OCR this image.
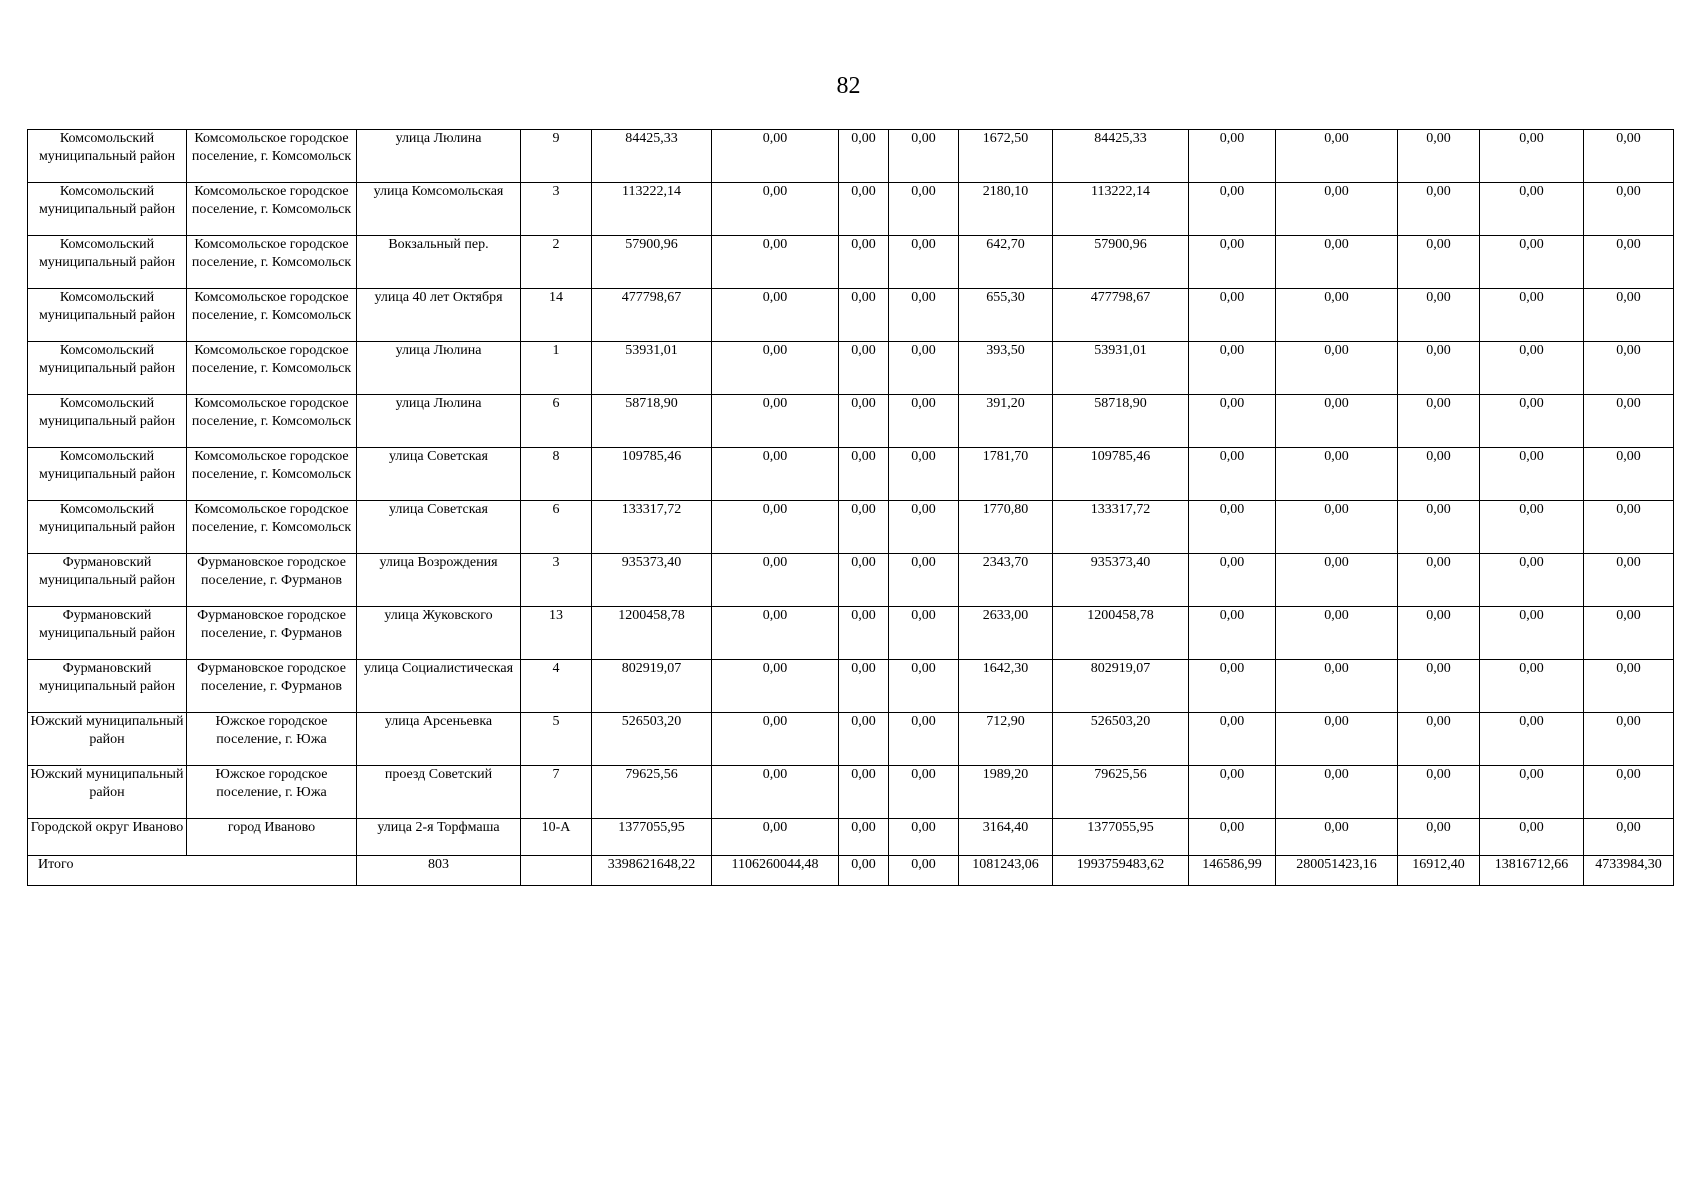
82
Комсомольский муниципальный район	Комсомольское городское поселение, г. Комсомольск	улица Люлина	9	84425,33	0,00	0,00	0,00	1672,50	84425,33	0,00	0,00	0,00	0,00	0,00
Комсомольский муниципальный район	Комсомольское городское поселение, г. Комсомольск	улица Комсомольская	3	113222,14	0,00	0,00	0,00	2180,10	113222,14	0,00	0,00	0,00	0,00	0,00
Комсомольский муниципальный район	Комсомольское городское поселение, г. Комсомольск	Вокзальный пер.	2	57900,96	0,00	0,00	0,00	642,70	57900,96	0,00	0,00	0,00	0,00	0,00
Комсомольский муниципальный район	Комсомольское городское поселение, г. Комсомольск	улица 40 лет Октября	14	477798,67	0,00	0,00	0,00	655,30	477798,67	0,00	0,00	0,00	0,00	0,00
Комсомольский муниципальный район	Комсомольское городское поселение, г. Комсомольск	улица Люлина	1	53931,01	0,00	0,00	0,00	393,50	53931,01	0,00	0,00	0,00	0,00	0,00
Комсомольский муниципальный район	Комсомольское городское поселение, г. Комсомольск	улица Люлина	6	58718,90	0,00	0,00	0,00	391,20	58718,90	0,00	0,00	0,00	0,00	0,00
Комсомольский муниципальный район	Комсомольское городское поселение, г. Комсомольск	улица Советская	8	109785,46	0,00	0,00	0,00	1781,70	109785,46	0,00	0,00	0,00	0,00	0,00
Комсомольский муниципальный район	Комсомольское городское поселение, г. Комсомольск	улица Советская	6	133317,72	0,00	0,00	0,00	1770,80	133317,72	0,00	0,00	0,00	0,00	0,00
Фурмановский муниципальный район	Фурмановское городское поселение, г. Фурманов	улица Возрождения	3	935373,40	0,00	0,00	0,00	2343,70	935373,40	0,00	0,00	0,00	0,00	0,00
Фурмановский муниципальный район	Фурмановское городское поселение, г. Фурманов	улица Жуковского	13	1200458,78	0,00	0,00	0,00	2633,00	1200458,78	0,00	0,00	0,00	0,00	0,00
Фурмановский муниципальный район	Фурмановское городское поселение, г. Фурманов	улица Социалистическая	4	802919,07	0,00	0,00	0,00	1642,30	802919,07	0,00	0,00	0,00	0,00	0,00
Южский муниципальный район	Южское городское поселение, г. Южа	улица Арсеньевка	5	526503,20	0,00	0,00	0,00	712,90	526503,20	0,00	0,00	0,00	0,00	0,00
Южский муниципальный район	Южское городское поселение, г. Южа	проезд Советский	7	79625,56	0,00	0,00	0,00	1989,20	79625,56	0,00	0,00	0,00	0,00	0,00
Городской округ Иваново	город Иваново	улица 2-я Торфмаша	10-А	1377055,95	0,00	0,00	0,00	3164,40	1377055,95	0,00	0,00	0,00	0,00	0,00
Итого		803		3398621648,22	1106260044,48	0,00	0,00	1081243,06	1993759483,62	146586,99	280051423,16	16912,40	13816712,66	4733984,30
